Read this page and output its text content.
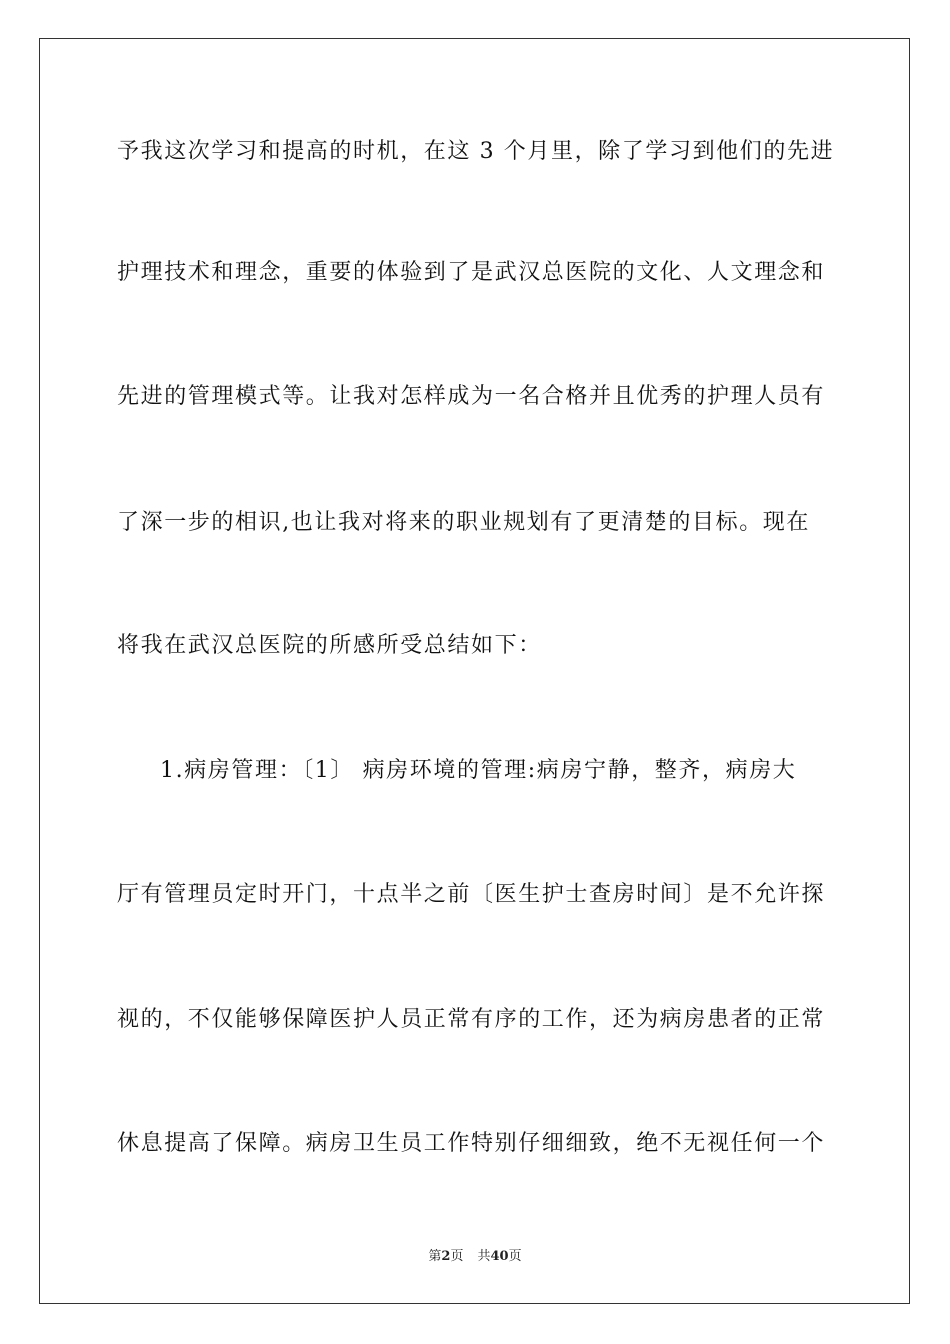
予我这次学习和提高的时机，在这 3 个月里，除了学习到他们的先进
护理技术和理念，重要的体验到了是武汉总医院的文化、人文理念和
先进的管理模式等。让我对怎样成为一名合格并且优秀的护理人员有
了深一步的相识,也让我对将来的职业规划有了更清楚的目标。现在
将我在武汉总医院的所感所受总结如下：
1.病房管理：〔1〕 病房环境的管理:病房宁静，整齐，病房大
厅有管理员定时开门，十点半之前〔医生护士查房时间〕是不允许探
视的，不仅能够保障医护人员正常有序的工作，还为病房患者的正常
休息提高了保障。病房卫生员工作特别仔细细致，绝不无视任何一个
第2页 共40页
